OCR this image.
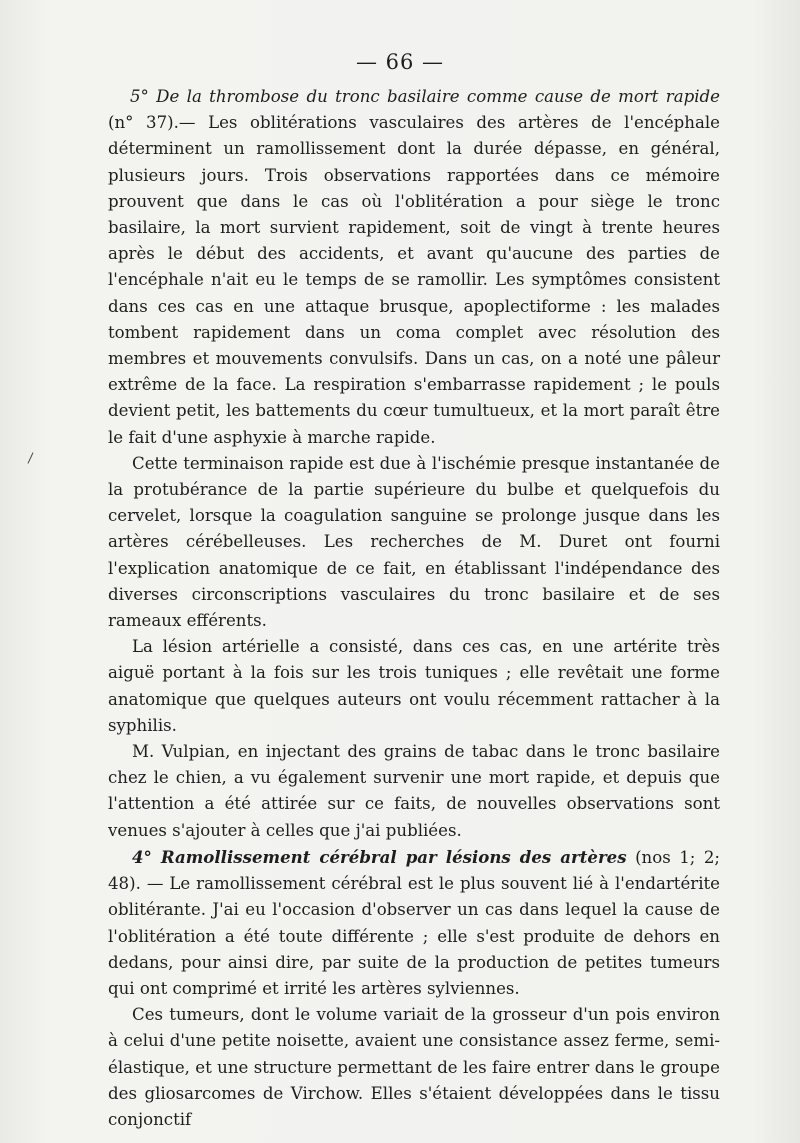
— 66 —

5° De la thrombose du tronc basilaire comme cause de mort rapide (n° 37).— Les oblitérations vasculaires des artères de l'encéphale déterminent un ramollissement dont la durée dépasse, en général, plusieurs jours. Trois observations rapportées dans ce mémoire prouvent que dans le cas où l'oblitération a pour siège le tronc basilaire, la mort survient rapidement, soit de vingt à trente heures après le début des accidents, et avant qu'aucune des parties de l'encéphale n'ait eu le temps de se ramollir. Les symptômes consistent dans ces cas en une attaque brusque, apoplectiforme : les malades tombent rapidement dans un coma complet avec résolution des membres et mouvements convulsifs. Dans un cas, on a noté une pâleur extrême de la face. La respiration s'embarrasse rapidement ; le pouls devient petit, les battements du cœur tumultueux, et la mort paraît être le fait d'une asphyxie à marche rapide.

Cette terminaison rapide est due à l'ischémie presque instantanée de la protubérance de la partie supérieure du bulbe et quelquefois du cervelet, lorsque la coagulation sanguine se prolonge jusque dans les artères cérébelleuses. Les recherches de M. Duret ont fourni l'explication anatomique de ce fait, en établissant l'indépendance des diverses circonscriptions vasculaires du tronc basilaire et de ses rameaux efférents.

La lésion artérielle a consisté, dans ces cas, en une artérite très aiguë portant à la fois sur les trois tuniques ; elle revêtait une forme anatomique que quelques auteurs ont voulu récemment rattacher à la syphilis.

M. Vulpian, en injectant des grains de tabac dans le tronc basilaire chez le chien, a vu également survenir une mort rapide, et depuis que l'attention a été attirée sur ce faits, de nouvelles observations sont venues s'ajouter à celles que j'ai publiées.

4° Ramollissement cérébral par lésions des artères (nos 1; 2; 48). — Le ramollissement cérébral est le plus souvent lié à l'endartérite oblitérante. J'ai eu l'occasion d'observer un cas dans lequel la cause de l'oblitération a été toute différente ; elle s'est produite de dehors en dedans, pour ainsi dire, par suite de la production de petites tumeurs qui ont comprimé et irrité les artères sylviennes.

Ces tumeurs, dont le volume variait de la grosseur d'un pois environ à celui d'une petite noisette, avaient une consistance assez ferme, semi-élastique, et une structure permettant de les faire entrer dans le groupe des gliosarcomes de Virchow. Elles s'étaient développées dans le tissu conjonctif
